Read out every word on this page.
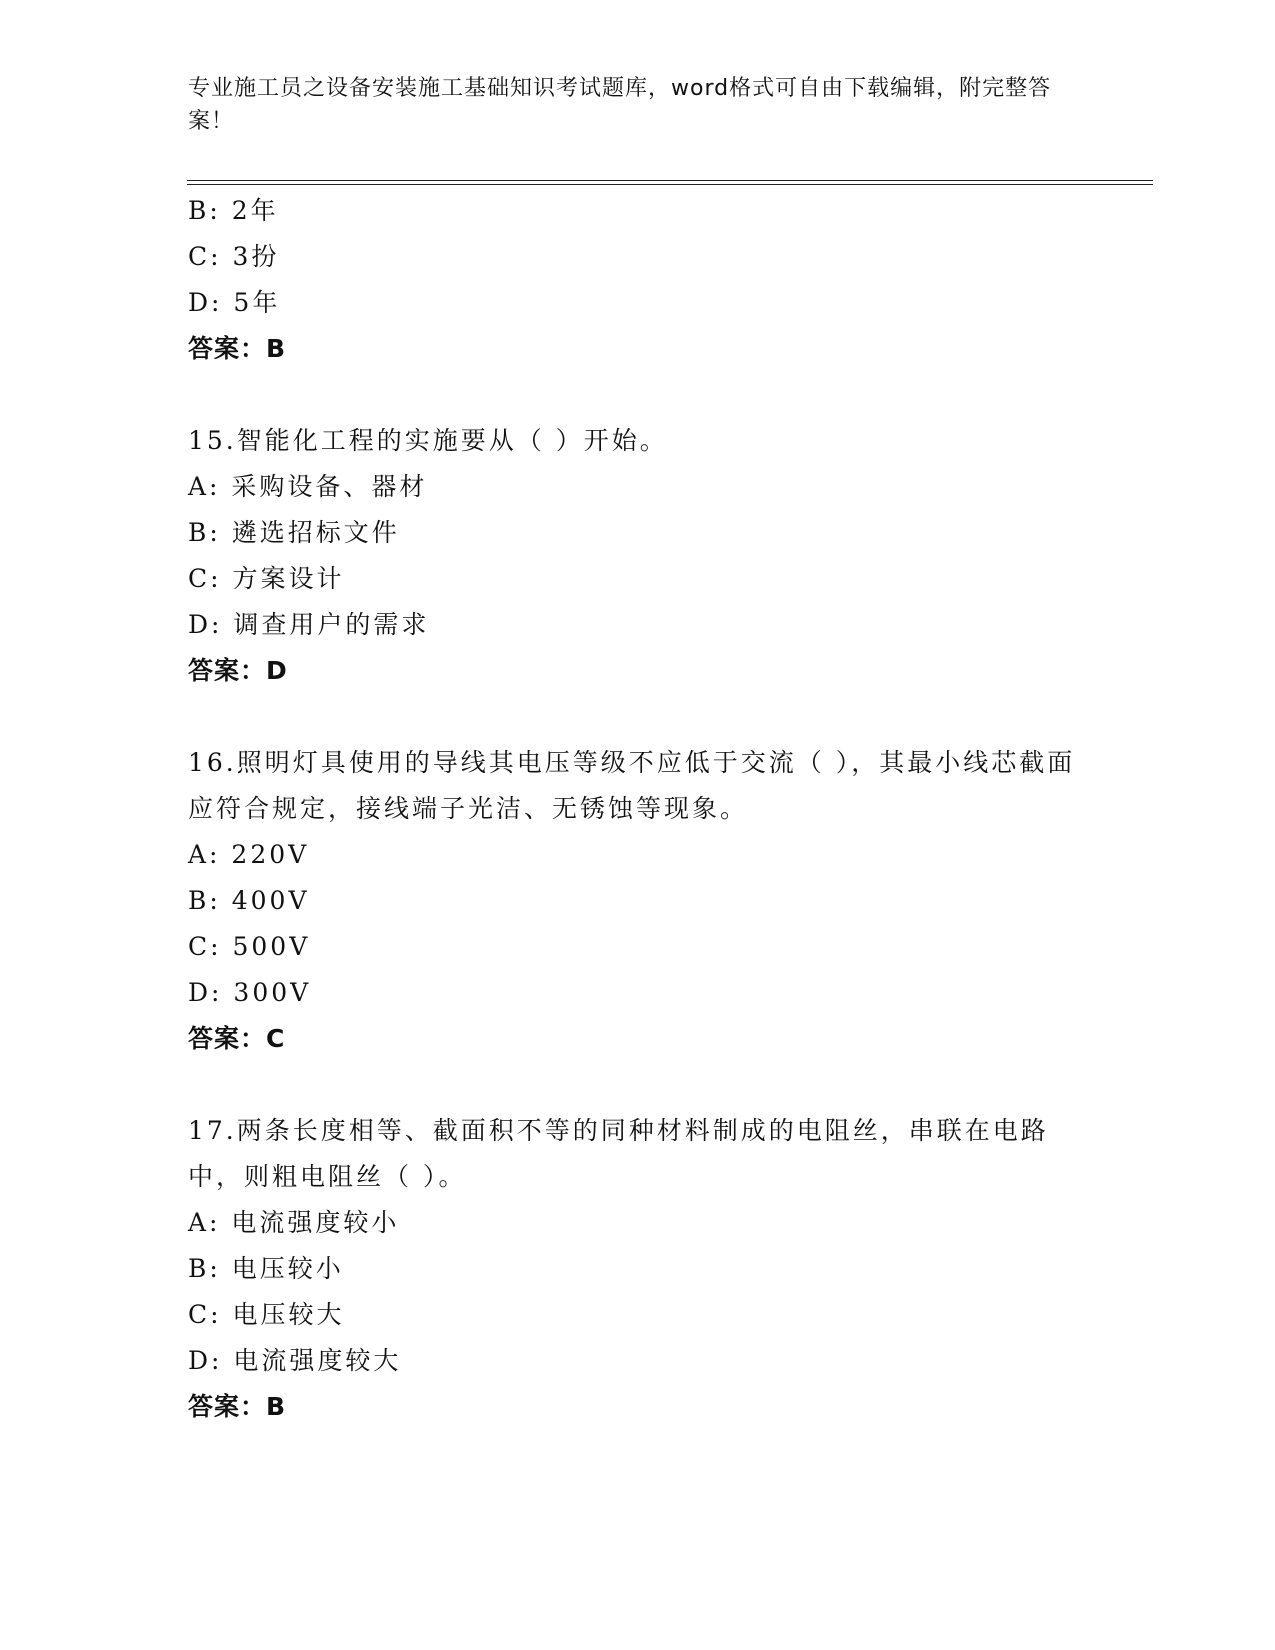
专业施工员之设备安装施工基础知识考试题库，word格式可自由下载编辑，附完整答案！
B: 2年
C: 3扮
D: 5年
答案：B
15.智能化工程的实施要从（ ）开始。
A: 采购设备、器材
B: 遴选招标文件
C: 方案设计
D: 调查用户的需求
答案：D
16.照明灯具使用的导线其电压等级不应低于交流（ ），其最小线芯截面应符合规定，接线端子光洁、无锈蚀等现象。
A: 220V
B: 400V
C: 500V
D: 300V
答案：C
17.两条长度相等、截面积不等的同种材料制成的电阻丝，串联在电路中，则粗电阻丝（ ）。
A: 电流强度较小
B: 电压较小
C: 电压较大
D: 电流强度较大
答案：B
